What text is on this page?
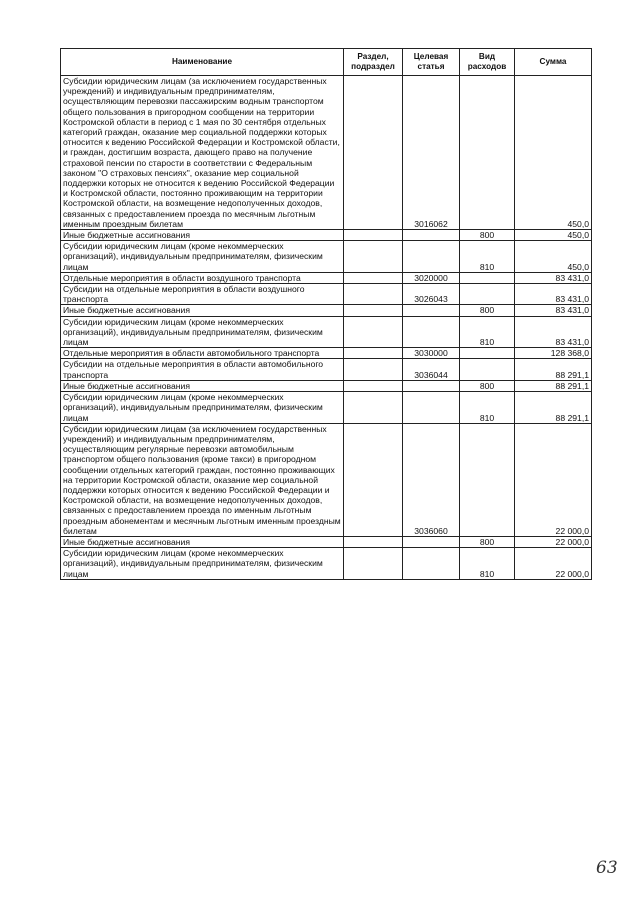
Наименование	Раздел, подраздел	Целевая статья	Вид расходов	Сумма
Субсидии юридическим лицам (за исключением государственных учреждений) и индивидуальным предпринимателям, осуществляющим перевозки пассажирским водным транспортом общего пользования в пригородном сообщении на территории Костромской области в период с 1 мая по 30 сентября отдельных категорий граждан, оказание мер социальной поддержки которых относится к ведению Российской Федерации и Костромской области, и граждан, достигшим возраста, дающего право на получение страховой пенсии по старости в соответствии с Федеральным законом "О страховых пенсиях", оказание мер социальной поддержки которых не относится к ведению Российской Федерации и Костромской области, постоянно проживающим на территории Костромской области, на возмещение недополученных доходов, связанных с предоставлением проезда по месячным льготным именным проездным билетам		3016062		450,0
Иные бюджетные ассигнования			800	450,0
Субсидии юридическим лицам (кроме некоммерческих организаций), индивидуальным предпринимателям, физическим лицам			810	450,0
Отдельные мероприятия в области воздушного транспорта		3020000		83 431,0
Субсидии на отдельные мероприятия в области воздушного транспорта		3026043		83 431,0
Иные бюджетные ассигнования			800	83 431,0
Субсидии юридическим лицам (кроме некоммерческих организаций), индивидуальным предпринимателям, физическим лицам			810	83 431,0
Отдельные мероприятия в области автомобильного транспорта		3030000		128 368,0
Субсидии на отдельные мероприятия в области автомобильного транспорта		3036044		88 291,1
Иные бюджетные ассигнования			800	88 291,1
Субсидии юридическим лицам (кроме некоммерческих организаций), индивидуальным предпринимателям, физическим лицам			810	88 291,1
Субсидии юридическим лицам (за исключением государственных учреждений) и индивидуальным предпринимателям, осуществляющим регулярные перевозки автомобильным транспортом общего пользования (кроме такси) в пригородном сообщении отдельных категорий граждан, постоянно проживающих на территории Костромской области, оказание мер социальной поддержки которых относится к ведению Российской Федерации и Костромской области, на возмещение недополученных доходов, связанных с предоставлением проезда по именным льготным проездным абонементам и месячным льготным именным проездным билетам		3036060		22 000,0
Иные бюджетные ассигнования			800	22 000,0
Субсидии юридическим лицам (кроме некоммерческих организаций), индивидуальным предпринимателям, физическим лицам			810	22 000,0
63
